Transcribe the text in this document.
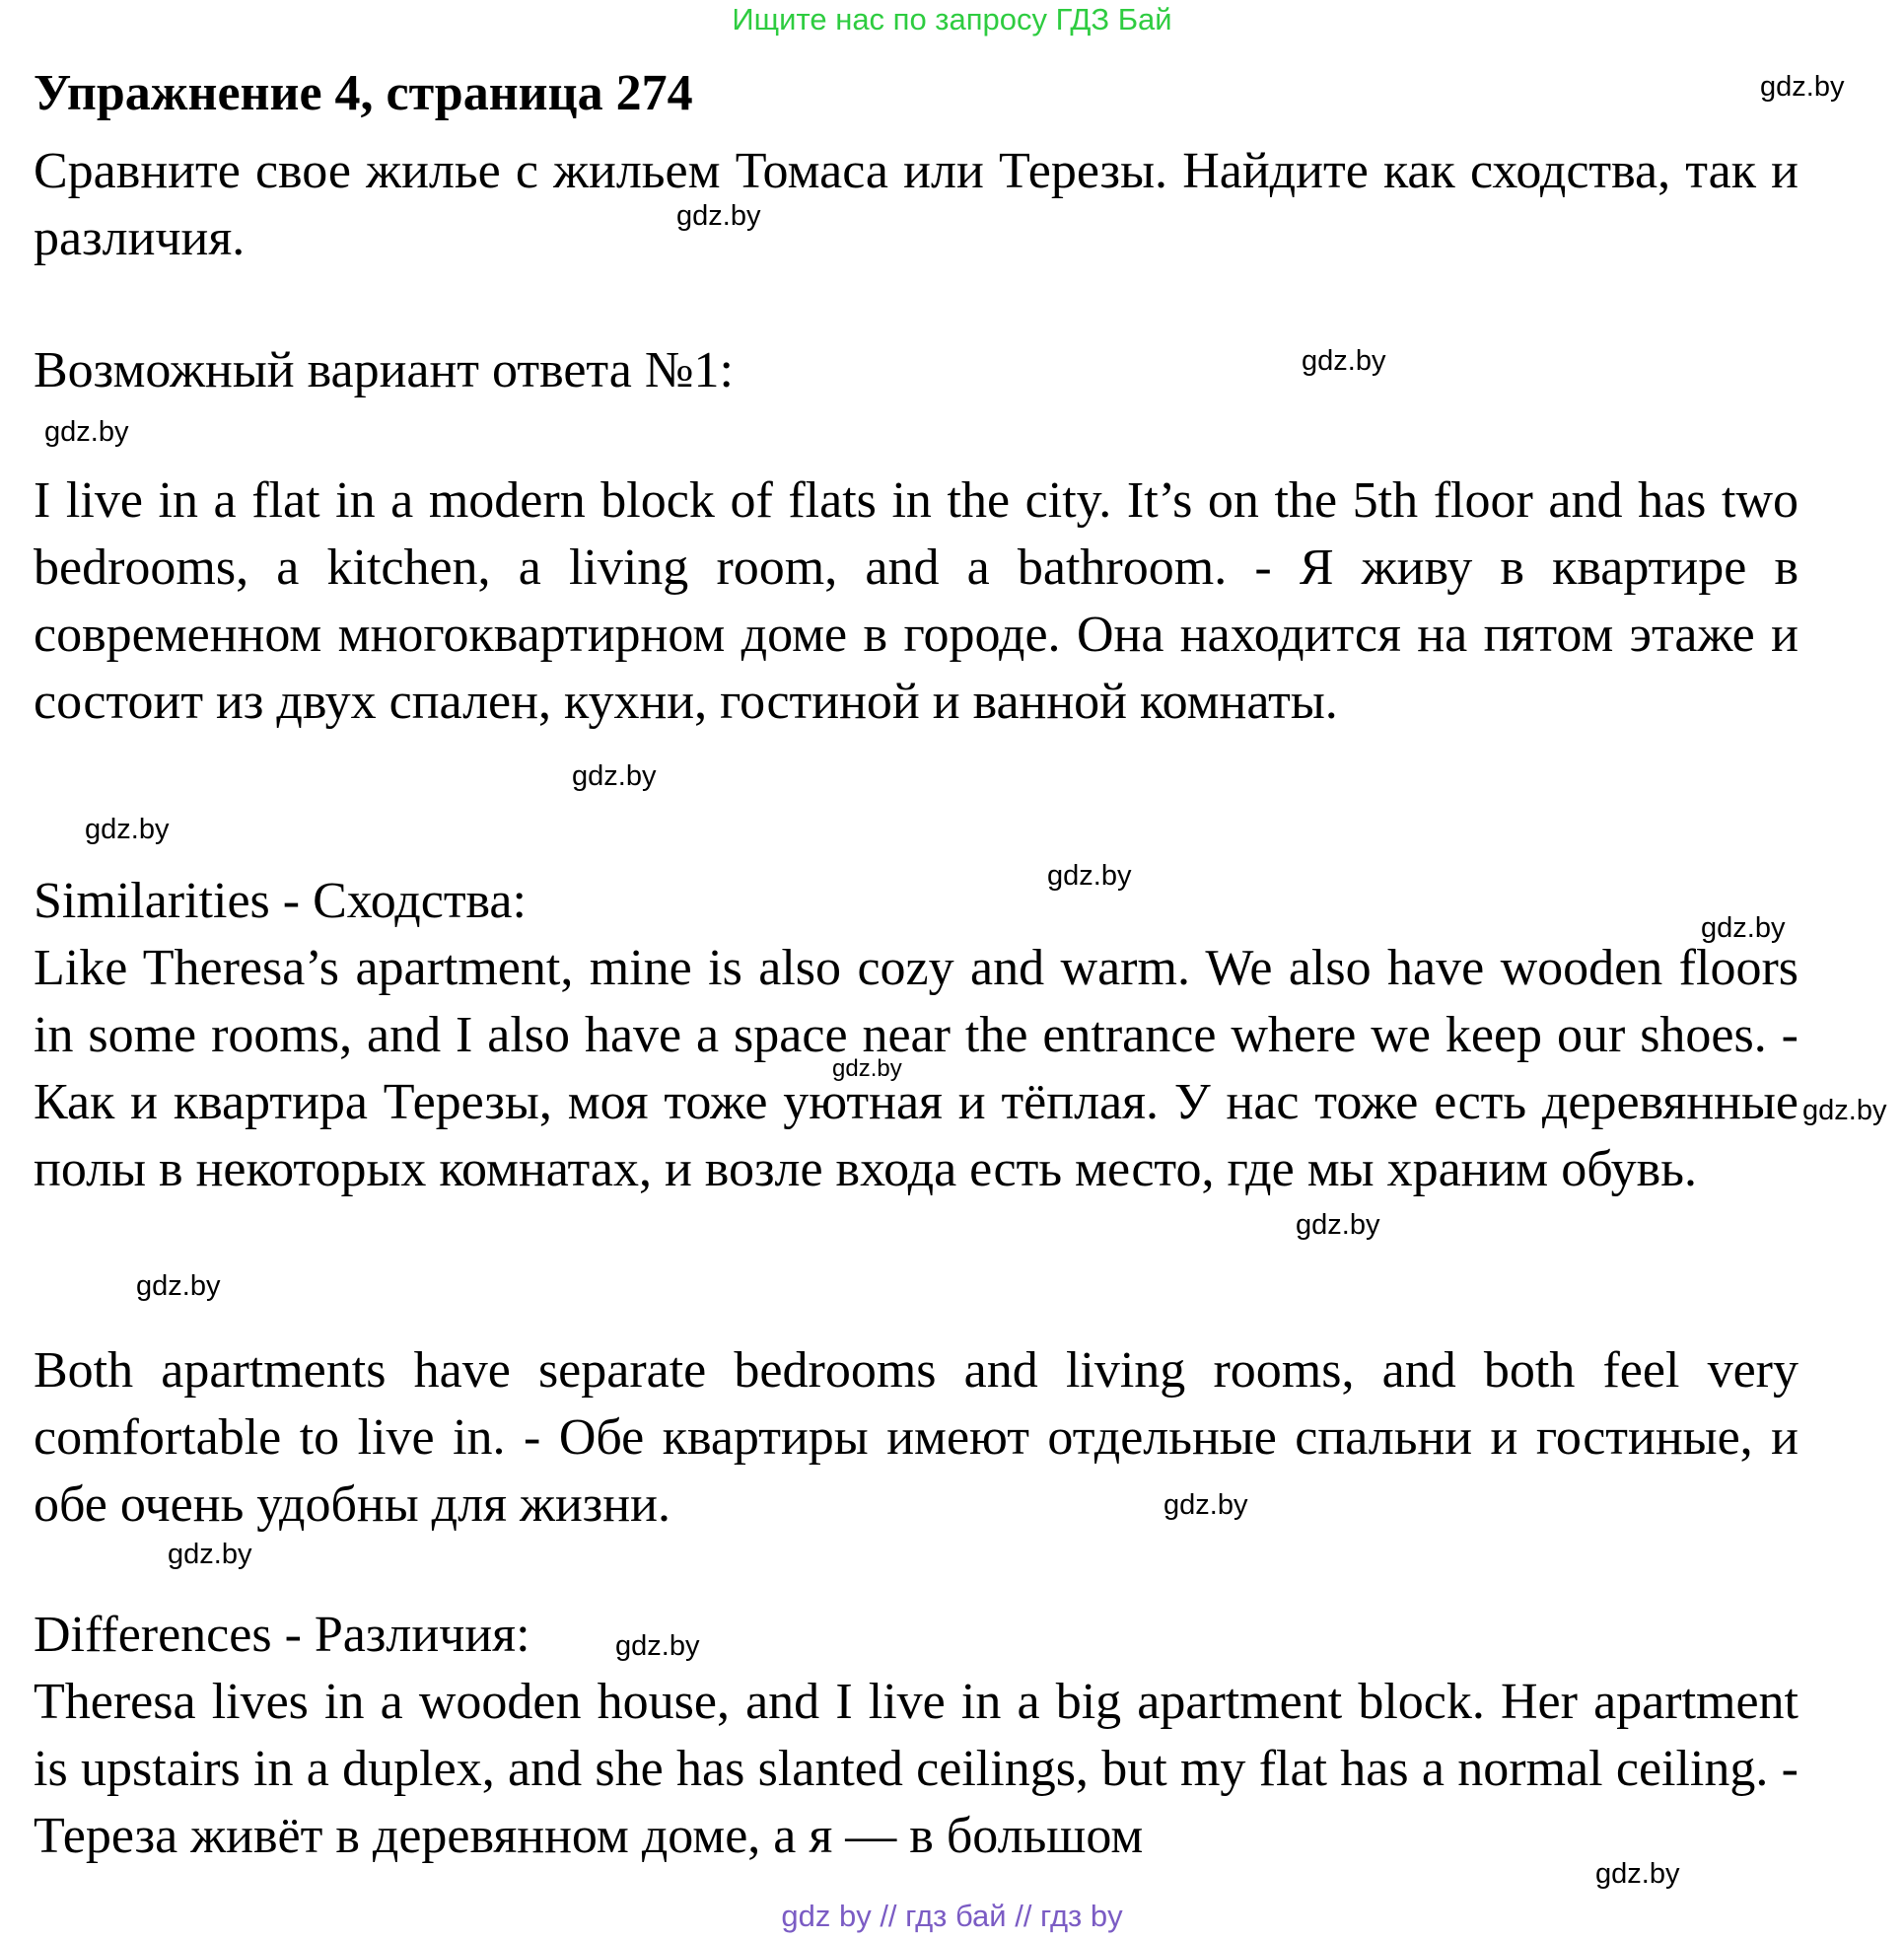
Ищите нас по запросу ГДЗ Бай
Упражнение 4, страница 274

Сравните свое жилье с жильем Томаса или Терезы. Найдите как сходства, так и различия.

Возможный вариант ответа №1:

I live in a flat in a modern block of flats in the city. It’s on the 5th floor and has two bedrooms, a kitchen, a living room, and a bathroom. - Я живу в квартире в современном многоквартирном доме в городе. Она находится на пятом этаже и состоит из двух спален, кухни, гостиной и ванной комнаты.

Similarities - Сходства:

Like Theresa’s apartment, mine is also cozy and warm. We also have wooden floors in some rooms, and I also have a space near the entrance where we keep our shoes. - Как и квартира Терезы, моя тоже уютная и тёплая. У нас тоже есть деревянные полы в некоторых комнатах, и возле входа есть место, где мы храним обувь.

Both apartments have separate bedrooms and living rooms, and both feel very comfortable to live in. - Обе квартиры имеют отдельные спальни и гостиные, и обе очень удобны для жизни.

Differences - Различия:

Theresa lives in a wooden house, and I live in a big apartment block. Her apartment is upstairs in a duplex, and she has slanted ceilings, but my flat has a normal ceiling. - Тереза живёт в деревянном доме, а я — в большом

gdz.by
gdz.by
gdz.by
gdz.by
gdz.by
gdz.by
gdz.by
gdz.by
gdz.by
gdz.by
gdz.by
gdz.by
gdz.by
gdz.by
gdz.by
gdz.by
gdz by // гдз бай // гдз by
